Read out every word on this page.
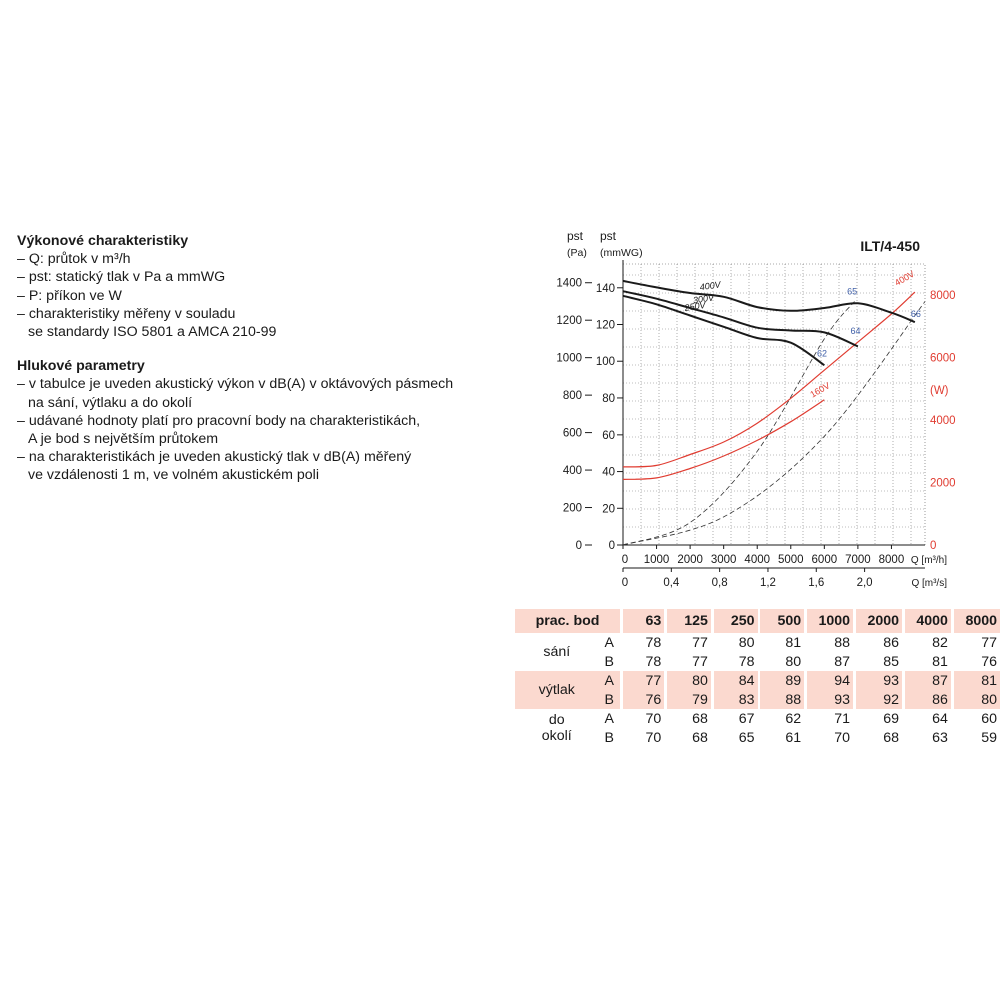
Výkonové charakteristiky
– Q: průtok v m³/h
– pst: statický tlak v Pa a mmWG
– P: příkon ve W
– charakteristiky měřeny v souladu
se standardy ISO 5801 a AMCA 210-99
Hlukové parametry
– v tabulce je uveden akustický výkon v dB(A) v oktávových pásmech
na sání, výtlaku a do okolí
– udávané hodnoty platí pro pracovní body na charakteristikách,
A je bod s největším průtokem
– na charakteristikách je uveden akustický tlak v dB(A) měřený
ve vzdálenosti 1 m, ve volném akustickém poli
0
200
400
600
800
1000
1200
1400
0
20
40
60
80
100
120
140
0
2000
4000
6000
8000
0 1000 2000 3000 4000 5000 6000 7000 8000
0	0,4	0,8	1,2	1,6	2,0
Q [m³/h]
Q [m³/s]
pst
(Pa)
pst
(mmWG)
(W)
ILT/4-450
400V
160V
400V
300V
250V
65
64
62
66
prac. bod			63		125		250		500		1000		2000		4000		8000
sání	A		78		77		80		81		88		86		82		77
	B		78		77		78		80		87		85		81		76
výtlak	A		77		80		84		89		94		93		87		81
	B		76		79		83		88		93		92		86		80

do
okolí	A		70		68		67		62		71		69		64		60
	B		70		68		65		61		70		68		63		59
